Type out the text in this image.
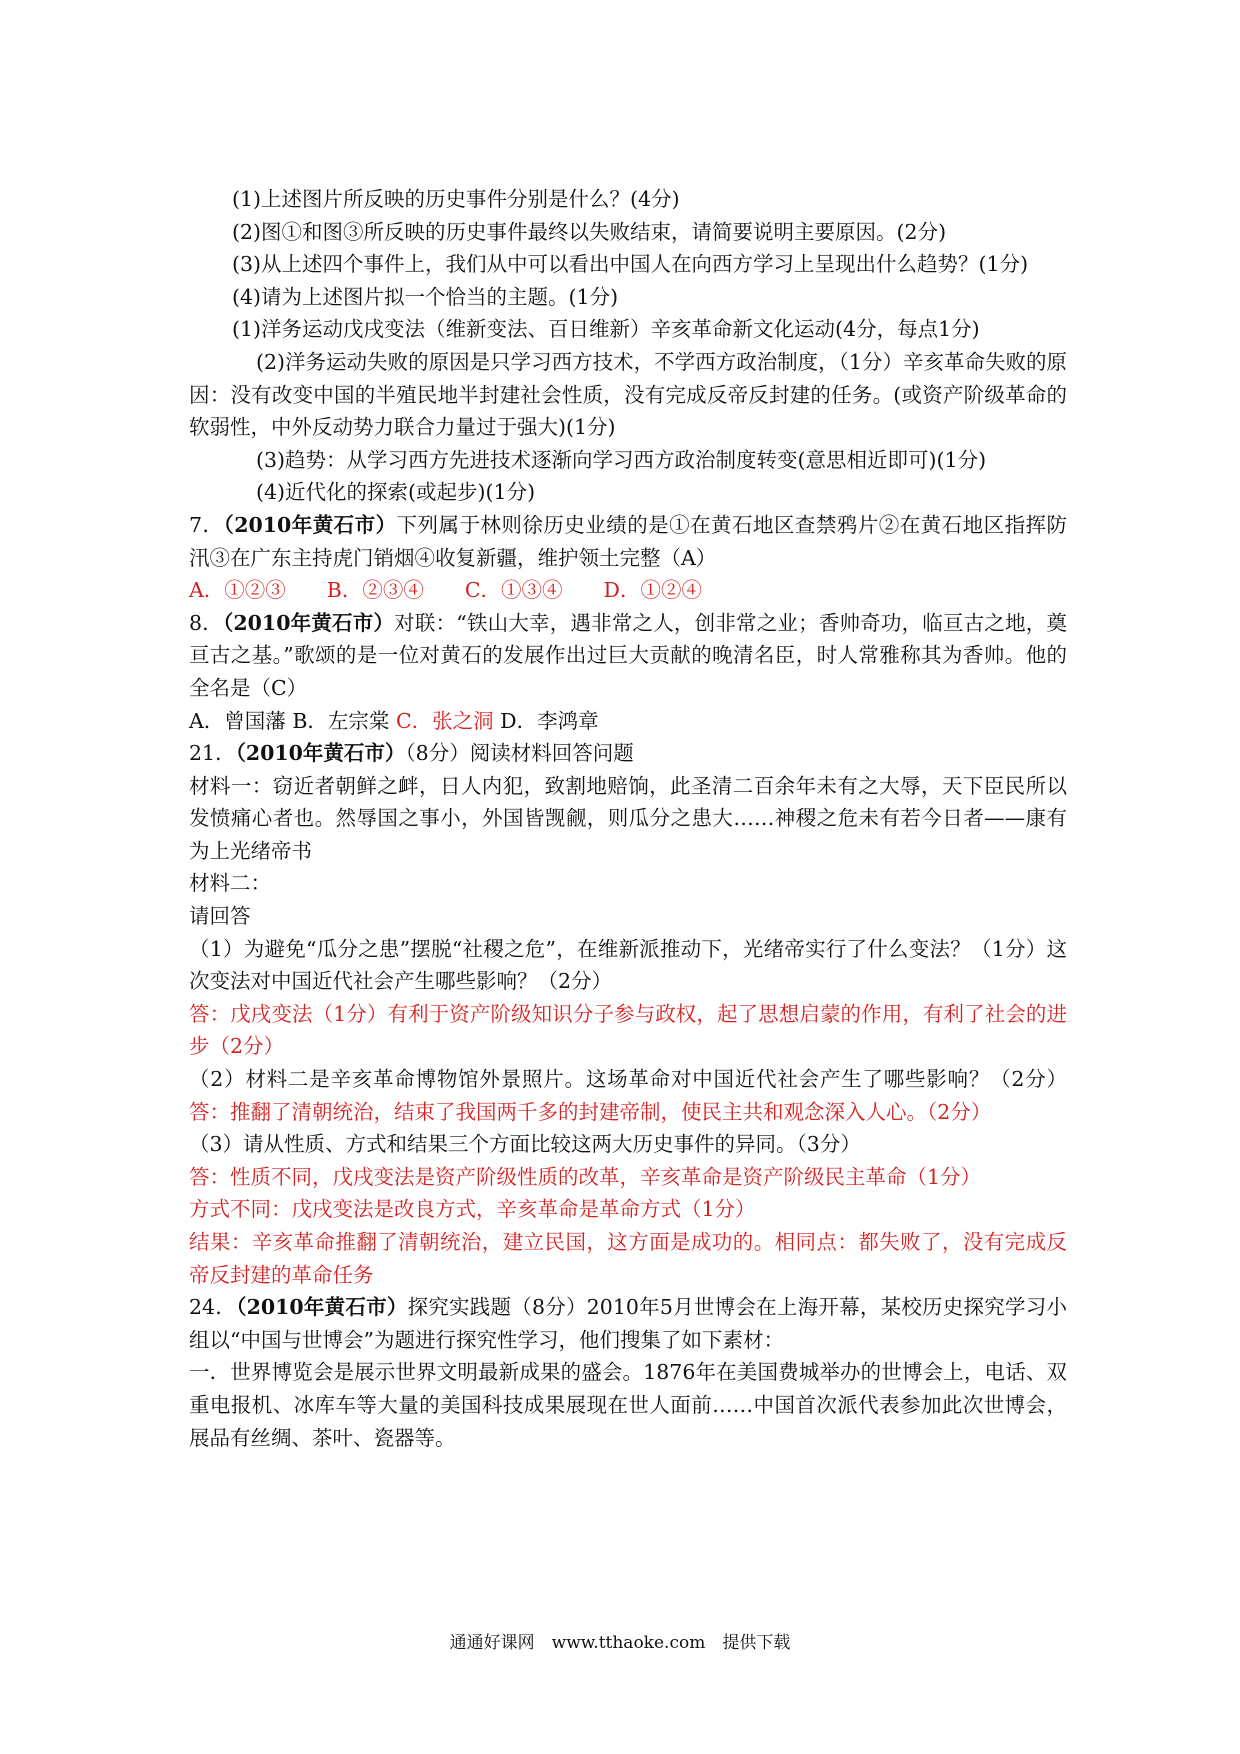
(1)上述图片所反映的历史事件分别是什么？(4分)

(2)图①和图③所反映的历史事件最终以失败结束，请简要说明主要原因。(2分)

(3)从上述四个事件上，我们从中可以看出中国人在向西方学习上呈现出什么趋势？(1分)

(4)请为上述图片拟一个恰当的主题。(1分)

(1)洋务运动戊戌变法（维新变法、百日维新）辛亥革命新文化运动(4分，每点1分)

(2)洋务运动失败的原因是只学习西方技术，不学西方政治制度，（1分）辛亥革命失败的原因：没有改变中国的半殖民地半封建社会性质，没有完成反帝反封建的任务。(或资产阶级革命的软弱性，中外反动势力联合力量过于强大)(1分)

(3)趋势：从学习西方先进技术逐渐向学习西方政治制度转变(意思相近即可)(1分)

(4)近代化的探索(或起步)(1分)

7．（2010年黄石市）下列属于林则徐历史业绩的是①在黄石地区查禁鸦片②在黄石地区指挥防汛③在广东主持虎门销烟④收复新疆，维护领土完整（A）

A．①②③　　B．②③④　　C．①③④　　D．①②④

8．（2010年黄石市）对联：“铁山大幸，遇非常之人，创非常之业；香帅奇功，临亘古之地，奠亘古之基。”歌颂的是一位对黄石的发展作出过巨大贡献的晚清名臣，时人常雅称其为香帅。他的全名是（C）

A．曾国藩 B．左宗棠 C．张之洞 D．李鸿章

21．（2010年黄石市）（8分）阅读材料回答问题

材料一：窃近者朝鲜之衅，日人内犯，致割地赔饷，此圣清二百余年未有之大辱，天下臣民所以发愤痛心者也。然辱国之事小，外国皆觊觎，则瓜分之患大……神稷之危未有若今日者——康有为上光绪帝书

材料二：

请回答

（1）为避免“瓜分之患”摆脱“社稷之危”，在维新派推动下，光绪帝实行了什么变法？（1分）这次变法对中国近代社会产生哪些影响？（2分）

答：戊戌变法（1分）有利于资产阶级知识分子参与政权，起了思想启蒙的作用，有利了社会的进步（2分）

（2）材料二是辛亥革命博物馆外景照片。这场革命对中国近代社会产生了哪些影响？（2分）答：推翻了清朝统治，结束了我国两千多的封建帝制，使民主共和观念深入人心。（2分）

（3）请从性质、方式和结果三个方面比较这两大历史事件的异同。（3分）

答：性质不同，戊戌变法是资产阶级性质的改革，辛亥革命是资产阶级民主革命（1分）

方式不同：戊戌变法是改良方式，辛亥革命是革命方式（1分）

结果：辛亥革命推翻了清朝统治，建立民国，这方面是成功的。相同点：都失败了，没有完成反帝反封建的革命任务

24．（2010年黄石市）探究实践题（8分）2010年5月世博会在上海开幕，某校历史探究学习小组以“中国与世博会”为题进行探究性学习，他们搜集了如下素材：

一．世界博览会是展示世界文明最新成果的盛会。1876年在美国费城举办的世博会上，电话、双重电报机、冰库车等大量的美国科技成果展现在世人面前……中国首次派代表参加此次世博会，展品有丝绸、茶叶、瓷器等。

通通好课网　www.tthaoke.com　提供下载
